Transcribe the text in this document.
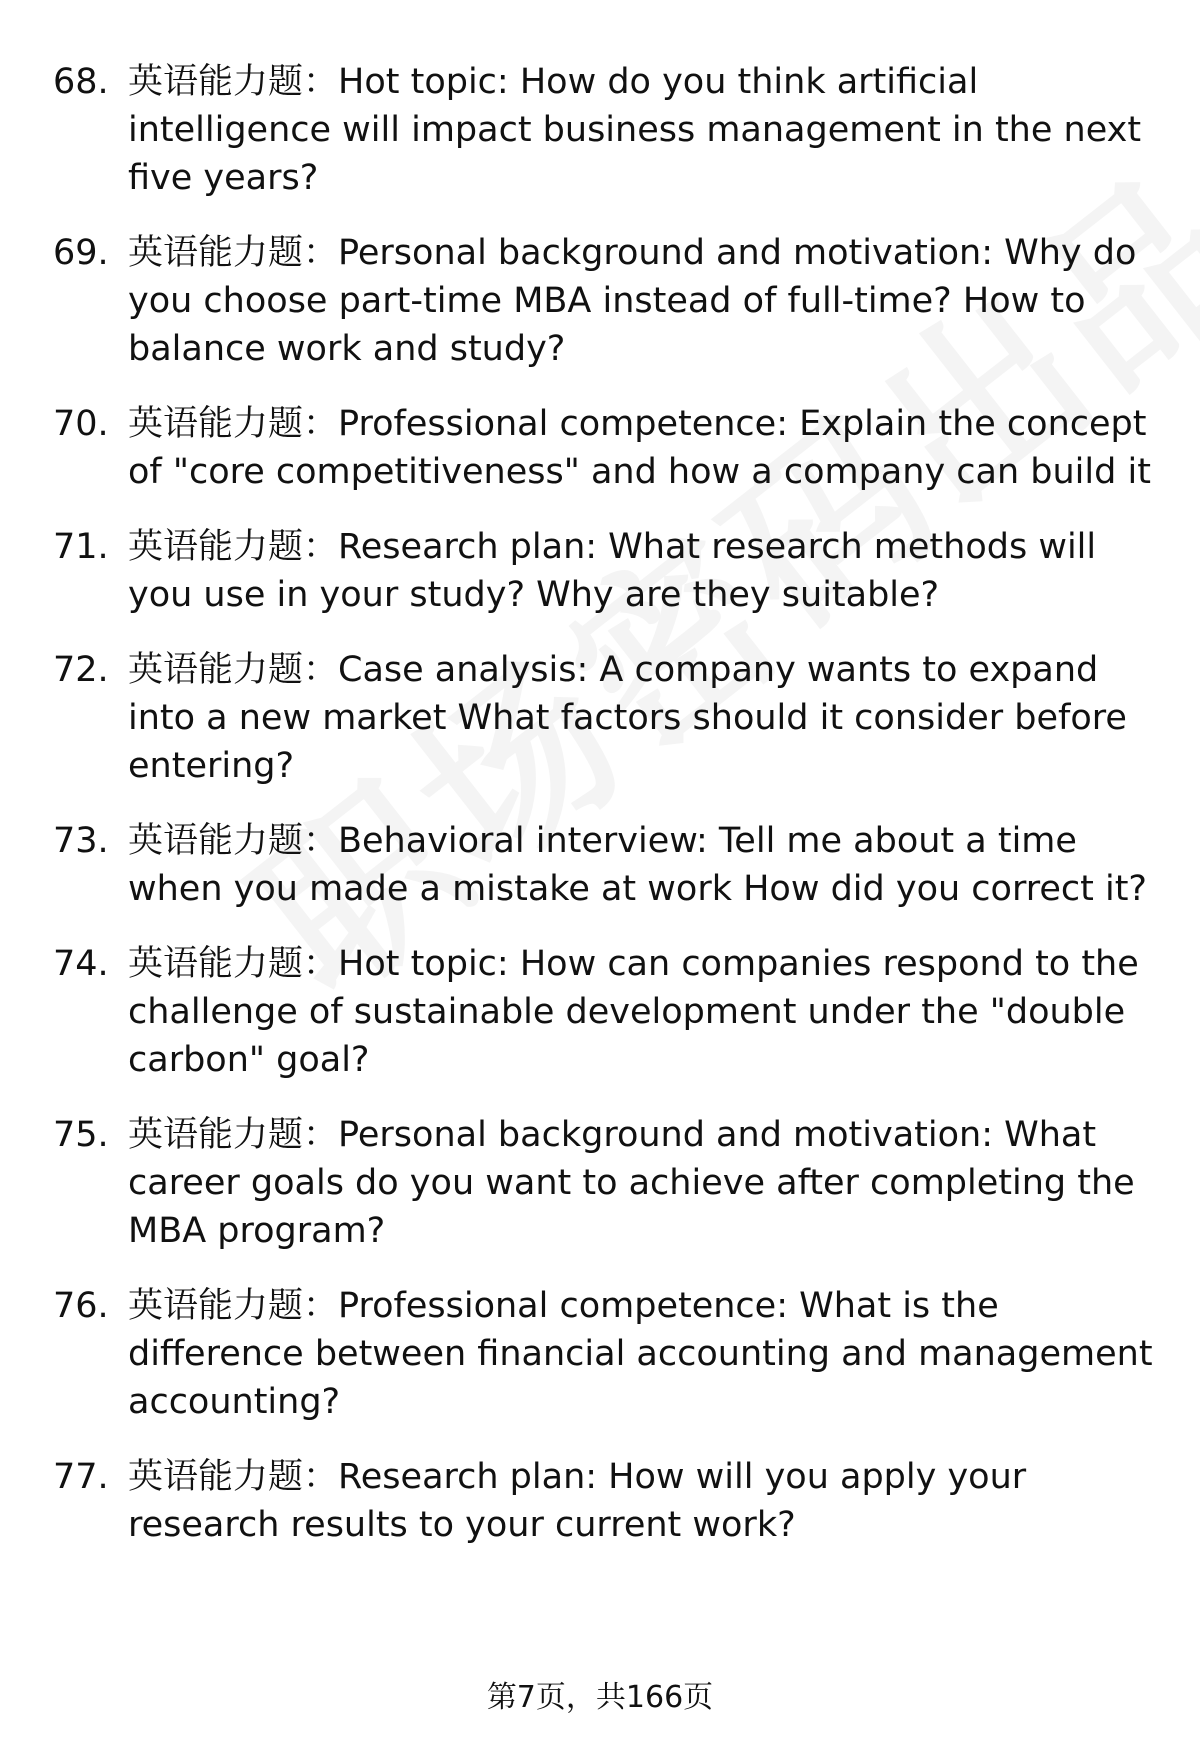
68. 英语能力题：Hot topic: How do you think artificial intelligence will impact business management in the next five years?
69. 英语能力题：Personal background and motivation: Why do you choose part-time MBA instead of full-time? How to balance work and study?
70. 英语能力题：Professional competence: Explain the concept of "core competitiveness" and how a company can build it
71. 英语能力题：Research plan: What research methods will you use in your study? Why are they suitable?
72. 英语能力题：Case analysis: A company wants to expand into a new market What factors should it consider before entering?
73. 英语能力题：Behavioral interview: Tell me about a time when you made a mistake at work How did you correct it?
74. 英语能力题：Hot topic: How can companies respond to the challenge of sustainable development under the "double carbon" goal?
75. 英语能力题：Personal background and motivation: What career goals do you want to achieve after completing the MBA program?
76. 英语能力题：Professional competence: What is the difference between financial accounting and management accounting?
77. 英语能力题：Research plan: How will you apply your research results to your current work?
第7页，共166页
